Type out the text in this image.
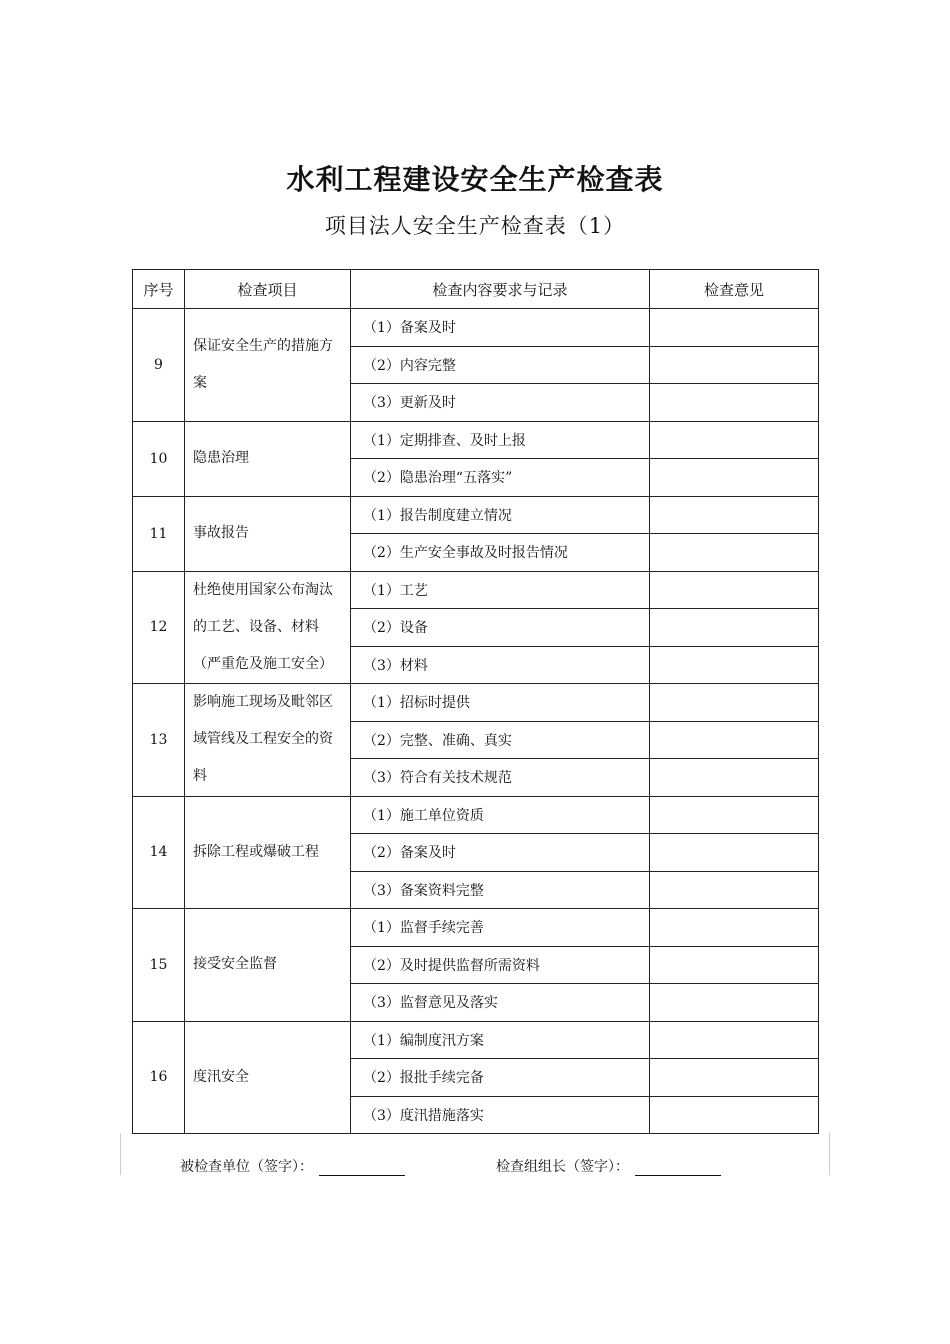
水利工程建设安全生产检查表
项目法人安全生产检查表（1）
序号	检查项目	检查内容要求与记录	检查意见
9	保证安全生产的措施方案	（1）备案及时	
		（2）内容完整	
		（3）更新及时	
10	隐患治理	（1）定期排查、及时上报	
		（2）隐患治理“五落实”	
11	事故报告	（1）报告制度建立情况	
		（2）生产安全事故及时报告情况	
12	杜绝使用国家公布淘汰的工艺、设备、材料（严重危及施工安全）	（1）工艺	
		（2）设备	
		（3）材料	
13	影响施工现场及毗邻区域管线及工程安全的资料	（1）招标时提供	
		（2）完整、准确、真实	
		（3）符合有关技术规范	
14	拆除工程或爆破工程	（1）施工单位资质	
		（2）备案及时	
		（3）备案资料完整	
15	接受安全监督	（1）监督手续完善	
		（2）及时提供监督所需资料	
		（3）监督意见及落实	
16	度汛安全	（1）编制度汛方案	
		（2）报批手续完备	
		（3）度汛措施落实	
被检查单位（签字）：	检查组组长（签字）：
